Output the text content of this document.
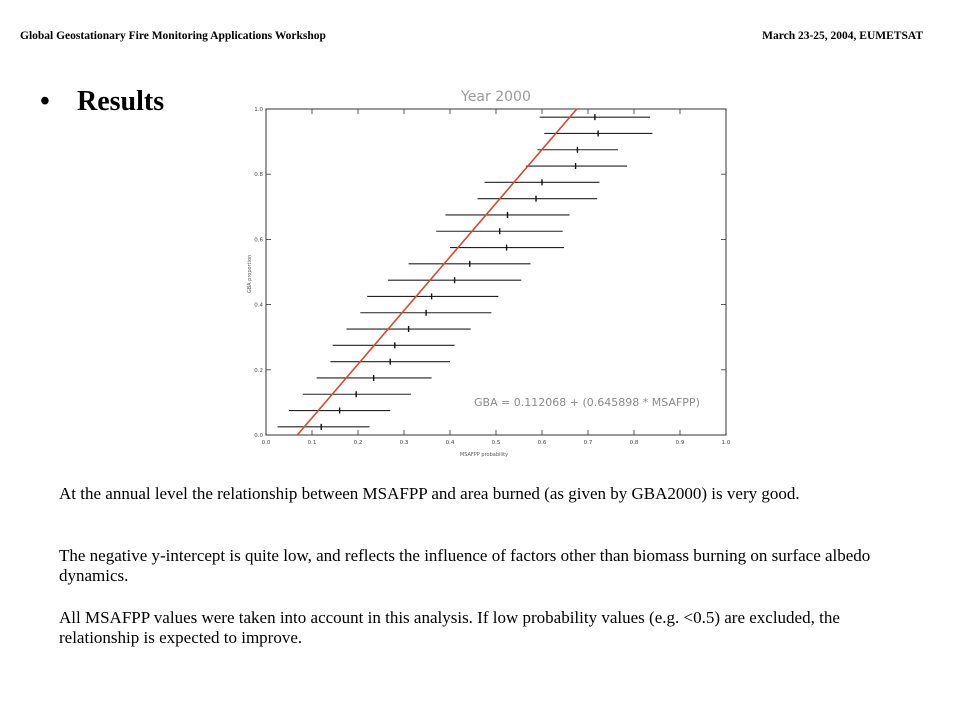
Global Geostationary Fire Monitoring Applications Workshop	March 23-25, 2004, EUMETSAT
• Results	Year 2000
0.0	0.1	0.2	0.3	0.4	0.5	0.6	0.7	0.8	0.9	1.0
0.0
0.2
0.4
0.6
0.8
1.0
GBA = 0.112068 + (0.645898 * MSAFPP)
MSAFPP probability
GBA proportion
At the annual level the relationship between MSAFPP and area burned (as given by GBA2000) is very good.
The negative y-intercept is quite low, and reflects the influence of factors other than biomass burning on surface albedo dynamics.
All MSAFPP values were taken into account in this analysis. If low probability values (e.g. <0.5) are excluded, the relationship is expected to improve.
